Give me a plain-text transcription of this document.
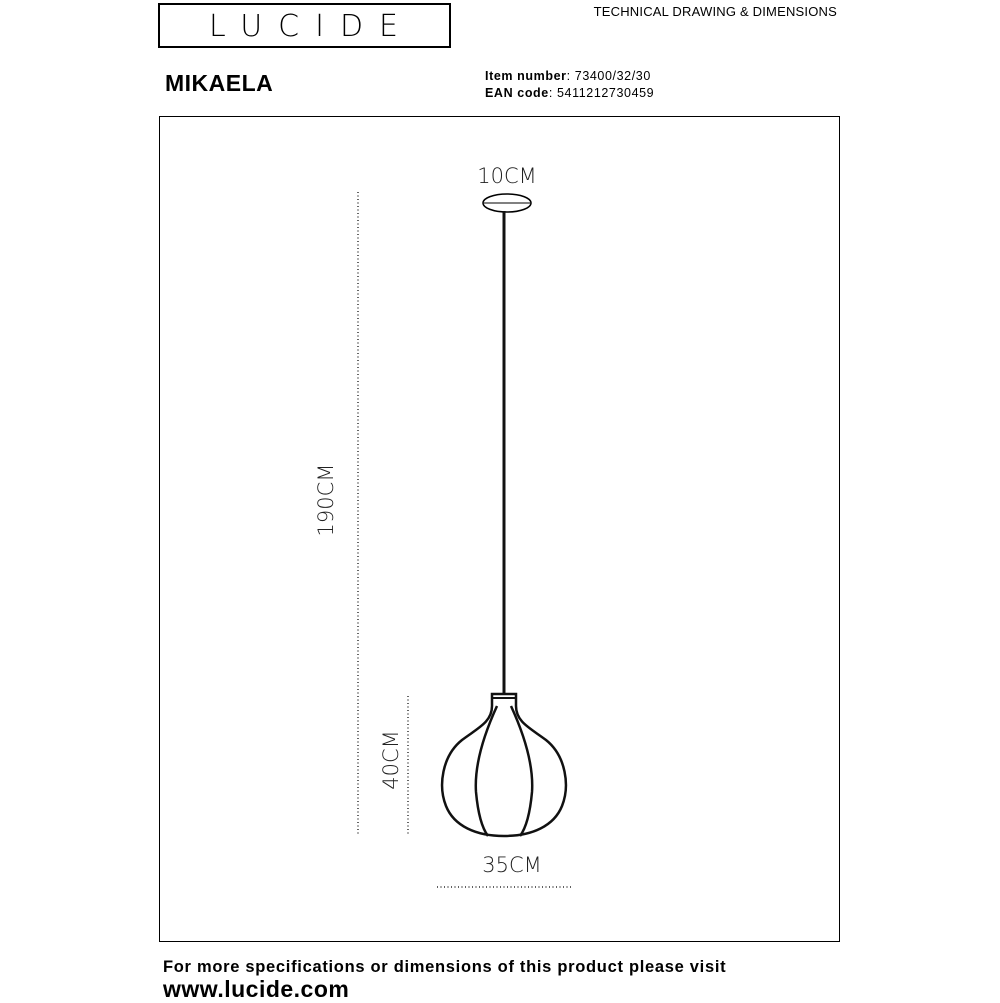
LUCIDE	TECHNICAL DRAWING & DIMENSIONS
MIKAELA	Item number: 73400/32/30
EAN code: 5411212730459
190CM
40CM
10CM
35CM
For more specifications or dimensions of this product please visit
www.lucide.com
